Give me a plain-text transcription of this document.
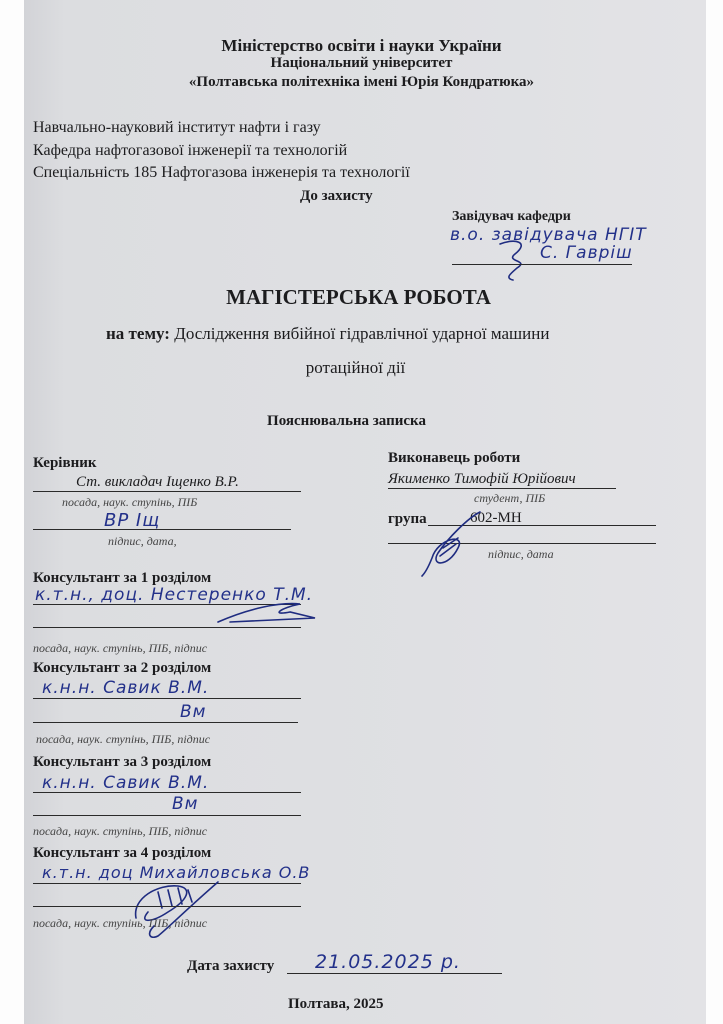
Міністерство освіти і науки України
Національний університет
«Полтавська політехніка імені Юрія Кондратюка»
Навчально-науковий інститут нафти і газу
Кафедра нафтогазової інженерії та технологій
Спеціальність 185 Нафтогазова інженерія та технології
До захисту
Завідувач кафедри
в.о. завідувача НГІТ
С. Гавріш
МАГІСТЕРСЬКА РОБОТА
на тему: Дослідження вибійної гідравлічної ударної машини
ротаційної дії
Пояснювальна записка
Керівник
Ст. викладач Іщенко В.Р.
посада, наук. ступінь, ПІБ
ВР Іщ
підпис, дата,
Виконавець роботи
Якименко Тимофій Юрійович
студент, ПІБ
група	602-МН
підпис, дата
Консультант за 1 розділом
к.т.н., доц. Нестеренко Т.М.
посада, наук. ступінь, ПІБ, підпис
Консультант за 2 розділом
к.н.н. Савик В.М.
Вм
посада, наук. ступінь, ПІБ, підпис
Консультант за 3 розділом
к.н.н. Савик В.М.
Вм
посада, наук. ступінь, ПІБ, підпис
Консультант за 4 розділом
к.т.н. доц Михайловська О.В
посада, наук. ступінь, ПІБ, підпис
Дата захисту 21.05.2025 р.
Полтава, 2025
